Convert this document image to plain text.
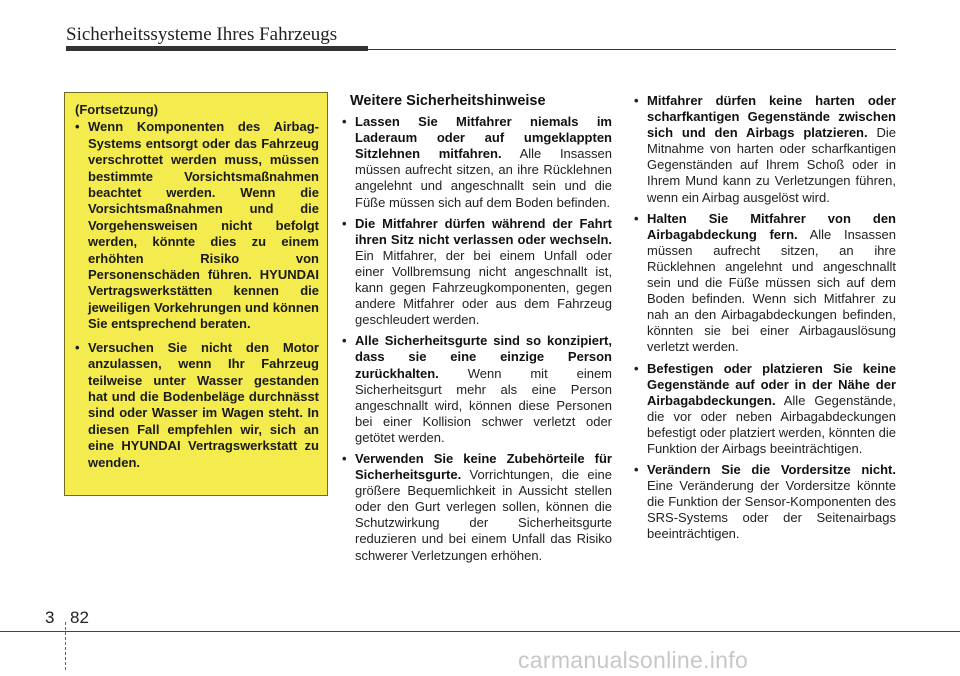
Sicherheitssysteme Ihres Fahrzeugs
(Fortsetzung)
• Wenn Komponenten des Airbag-Systems entsorgt oder das Fahrzeug verschrottet werden muss, müssen bestimmte Vorsichtsmaßnahmen beachtet werden. Wenn die Vorsichtsmaßnahmen und die Vorgehensweisen nicht befolgt werden, könnte dies zu einem erhöhten Risiko von Personenschäden führen. HYUNDAI Vertragswerkstätten kennen die jeweiligen Vorkehrungen und können Sie entsprechend beraten.
• Versuchen Sie nicht den Motor anzulassen, wenn Ihr Fahrzeug teilweise unter Wasser gestanden hat und die Bodenbeläge durchnässt sind oder Wasser im Wagen steht. In diesen Fall empfehlen wir, sich an eine HYUNDAI Vertragswerkstatt zu wenden.
Weitere Sicherheitshinweise
• Lassen Sie Mitfahrer niemals im Laderaum oder auf umgeklappten Sitzlehnen mitfahren. Alle Insassen müssen aufrecht sitzen, an ihre Rücklehnen angelehnt und angeschnallt sein und die Füße müssen sich auf dem Boden befinden.
• Die Mitfahrer dürfen während der Fahrt ihren Sitz nicht verlassen oder wechseln. Ein Mitfahrer, der bei einem Unfall oder einer Vollbremsung nicht angeschnallt ist, kann gegen Fahrzeugkomponenten, gegen andere Mitfahrer oder aus dem Fahrzeug geschleudert werden.
• Alle Sicherheitsgurte sind so konzipiert, dass sie eine einzige Person zurückhalten. Wenn mit einem Sicherheitsgurt mehr als eine Person angeschnallt wird, können diese Personen bei einer Kollision schwer verletzt oder getötet werden.
• Verwenden Sie keine Zubehörteile für Sicherheitsgurte. Vorrichtungen, die eine größere Bequemlichkeit in Aussicht stellen oder den Gurt verlegen sollen, können die Schutzwirkung der Sicherheitsgurte reduzieren und bei einem Unfall das Risiko schwerer Verletzungen erhöhen.
• Mitfahrer dürfen keine harten oder scharfkantigen Gegenstände zwischen sich und den Airbags platzieren. Die Mitnahme von harten oder scharfkantigen Gegenständen auf Ihrem Schoß oder in Ihrem Mund kann zu Verletzungen führen, wenn ein Airbag ausgelöst wird.
• Halten Sie Mitfahrer von den Airbagabdeckung fern. Alle Insassen müssen aufrecht sitzen, an ihre Rücklehnen angelehnt und angeschnallt sein und die Füße müssen sich auf dem Boden befinden. Wenn sich Mitfahrer zu nah an den Airbagabdeckungen befinden, könnten sie bei einer Airbagauslösung verletzt werden.
• Befestigen oder platzieren Sie keine Gegenstände auf oder in der Nähe der Airbagabdeckungen. Alle Gegenstände, die vor oder neben Airbagabdeckungen befestigt oder platziert werden, könnten die Funktion der Airbags beeinträchtigen.
• Verändern Sie die Vordersitze nicht. Eine Veränderung der Vordersitze könnte die Funktion der Sensor-Komponenten des SRS-Systems oder der Seitenairbags beeinträchtigen.
3 82
carmanualsonline.info
